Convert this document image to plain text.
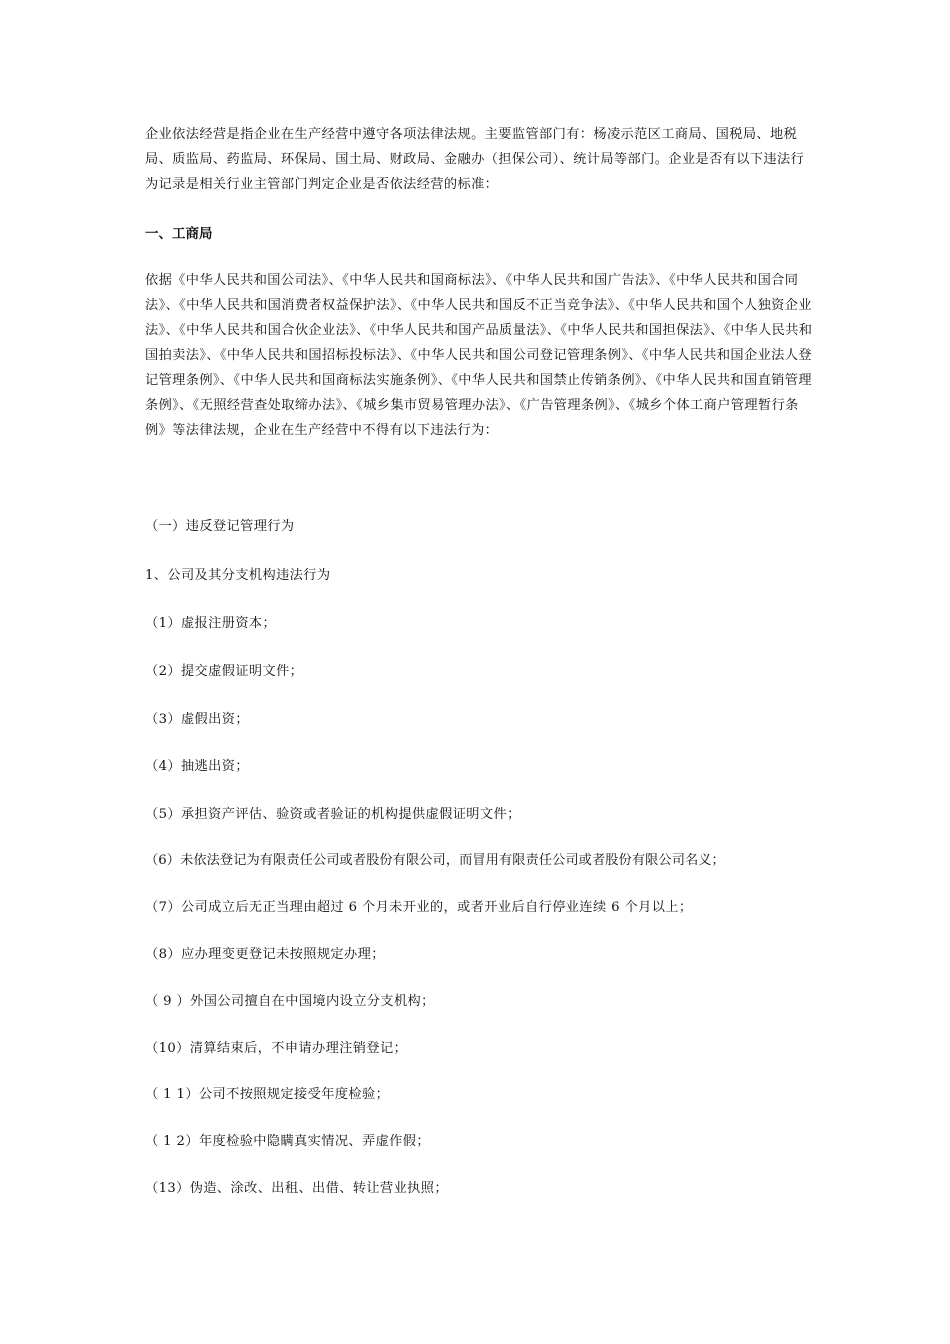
企业依法经营是指企业在生产经营中遵守各项法律法规。主要监管部门有：杨凌示范区工商局、国税局、地税局、质监局、药监局、环保局、国土局、财政局、金融办（担保公司）、统计局等部门。企业是否有以下违法行为记录是相关行业主管部门判定企业是否依法经营的标准：

一、工商局

依据《中华人民共和国公司法》、《中华人民共和国商标法》、《中华人民共和国广告法》、《中华人民共和国合同法》、《中华人民共和国消费者权益保护法》、《中华人民共和国反不正当竞争法》、《中华人民共和国个人独资企业法》、《中华人民共和国合伙企业法》、《中华人民共和国产品质量法》、《中华人民共和国担保法》、《中华人民共和国拍卖法》、《中华人民共和国招标投标法》、《中华人民共和国公司登记管理条例》、《中华人民共和国企业法人登记管理条例》、《中华人民共和国商标法实施条例》、《中华人民共和国禁止传销条例》、《中华人民共和国直销管理条例》、《无照经营查处取缔办法》、《城乡集市贸易管理办法》、《广告管理条例》、《城乡个体工商户管理暂行条例》等法律法规，企业在生产经营中不得有以下违法行为：

（一）违反登记管理行为

1、公司及其分支机构违法行为

（1）虚报注册资本；

（2）提交虚假证明文件；

（3）虚假出资；

（4）抽逃出资；

（5）承担资产评估、验资或者验证的机构提供虚假证明文件；

（6）未依法登记为有限责任公司或者股份有限公司，而冒用有限责任公司或者股份有限公司名义；

（7）公司成立后无正当理由超过 6 个月未开业的，或者开业后自行停业连续 6 个月以上；

（8）应办理变更登记未按照规定办理；

（ 9 ）外国公司擅自在中国境内设立分支机构；

（10）清算结束后，不申请办理注销登记；

（ 1 1）公司不按照规定接受年度检验；

（ 1 2）年度检验中隐瞒真实情况、弄虚作假；

（13）伪造、涂改、出租、出借、转让营业执照；
